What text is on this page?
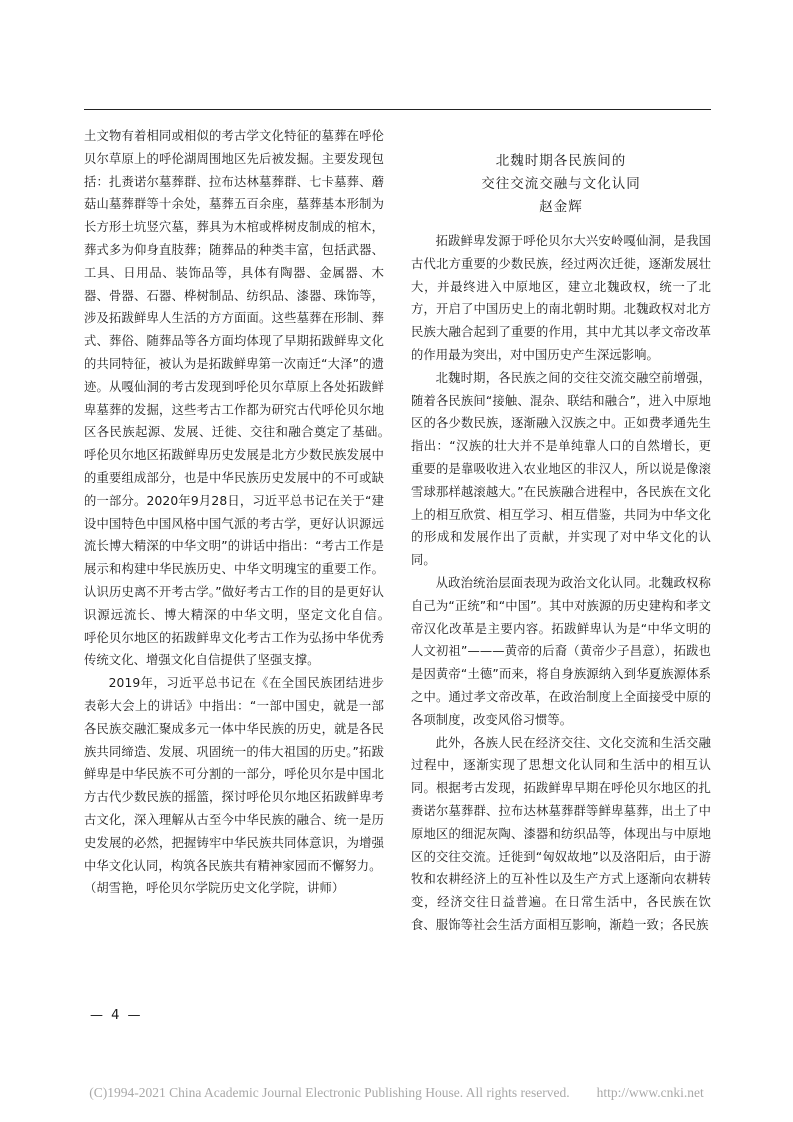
土文物有着相同或相似的考古学文化特征的墓葬在呼伦贝尔草原上的呼伦湖周围地区先后被发掘。主要发现包括：扎赉诺尔墓葬群、拉布达林墓葬群、七卡墓葬、蘑菇山墓葬群等十余处，墓葬五百余座，墓葬基本形制为长方形土坑竖穴墓，葬具为木棺或桦树皮制成的棺木，葬式多为仰身直肢葬；随葬品的种类丰富，包括武器、工具、日用品、装饰品等，具体有陶器、金属器、木器、骨器、石器、桦树制品、纺织品、漆器、珠饰等，涉及拓跋鲜卑人生活的方方面面。这些墓葬在形制、葬式、葬俗、随葬品等各方面均体现了早期拓跋鲜卑文化的共同特征，被认为是拓跋鲜卑第一次南迁“大泽”的遗迹。从嘎仙洞的考古发现到呼伦贝尔草原上各处拓跋鲜卑墓葬的发掘，这些考古工作都为研究古代呼伦贝尔地区各民族起源、发展、迁徙、交往和融合奠定了基础。　呼伦贝尔地区拓跋鲜卑历史发展是北方少数民族发展中的重要组成部分，也是中华民族历史发展中的不可或缺的一部分。2020年9月28日，习近平总书记在关于“建设中国特色中国风格中国气派的考古学，更好认识源远流长博大精深的中华文明”的讲话中指出：“考古工作是展示和构建中华民族历史、中华文明瑰宝的重要工作。认识历史离不开考古学。”做好考古工作的目的是更好认识源远流长、博大精深的中华文明，坚定文化自信。　呼伦贝尔地区的拓跋鲜卑文化考古工作为弘扬中华优秀传统文化、增强文化自信提供了坚强支撑。

2019年，习近平总书记在《在全国民族团结进步表彰大会上的讲话》中指出：“一部中国史，就是一部各民族交融汇聚成多元一体中华民族的历史，就是各民族共同缔造、发展、巩固统一的伟大祖国的历史。”拓跋鲜卑是中华民族不可分割的一部分，呼伦贝尔是中国北方古代少数民族的摇篮，探讨呼伦贝尔地区拓跋鲜卑考古文化，深入理解从古至今中华民族的融合、统一是历史发展的必然，把握铸牢中华民族共同体意识，为增强中华文化认同，构筑各民族共有精神家园而不懈努力。

（胡雪艳，呼伦贝尔学院历史文化学院，讲师）

北魏时期各民族间的
交往交流交融与文化认同
赵金辉

拓跋鲜卑发源于呼伦贝尔大兴安岭嘎仙洞，是我国古代北方重要的少数民族，经过两次迁徙，逐渐发展壮大，并最终进入中原地区，建立北魏政权，统一了北方，开启了中国历史上的南北朝时期。北魏政权对北方民族大融合起到了重要的作用，其中尤其以孝文帝改革的作用最为突出，对中国历史产生深远影响。

北魏时期，各民族之间的交往交流交融空前增强，随着各民族间“接触、混杂、联结和融合”，进入中原地区的各少数民族，逐渐融入汉族之中。正如费孝通先生指出：“汉族的壮大并不是单纯靠人口的自然增长，更重要的是靠吸收进入农业地区的非汉人，所以说是像滚雪球那样越滚越大。”在民族融合进程中，各民族在文化上的相互欣赏、相互学习、相互借鉴，共同为中华文化的形成和发展作出了贡献，并实现了对中华文化的认同。

从政治统治层面表现为政治文化认同。北魏政权称自己为“正统”和“中国”。其中对族源的历史建构和孝文帝汉化改革是主要内容。拓跋鲜卑认为是“中华文明的人文初祖”———黄帝的后裔（黄帝少子昌意），拓跋也是因黄帝“土德”而来，将自身族源纳入到华夏族源体系之中。通过孝文帝改革，在政治制度上全面接受中原的各项制度，改变风俗习惯等。

此外，各族人民在经济交往、文化交流和生活交融过程中，逐渐实现了思想文化认同和生活中的相互认同。根据考古发现，拓跋鲜卑早期在呼伦贝尔地区的扎赉诺尔墓葬群、拉布达林墓葬群等鲜卑墓葬，出土了中原地区的细泥灰陶、漆器和纺织品等，体现出与中原地区的交往交流。迁徙到“匈奴故地”以及洛阳后，由于游牧和农耕经济上的互补性以及生产方式上逐渐向农耕转变，经济交往日益普遍。在日常生活中，各民族在饮食、服饰等社会生活方面相互影响，渐趋一致；各民族

— 4 —
(C)1994-2021 China Academic Journal Electronic Publishing House. All rights reserved.　　http://www.cnki.net
